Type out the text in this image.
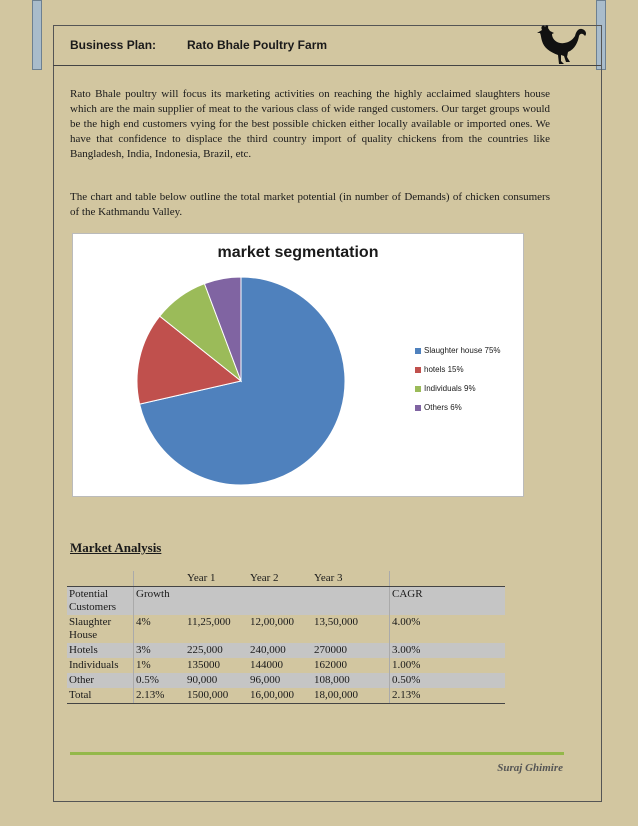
Business Plan:	Rato Bhale Poultry Farm
Rato Bhale poultry will focus its marketing activities on reaching the highly acclaimed slaughters house which are the main supplier of meat to the various class of wide ranged customers. Our target groups would be the high end customers vying for the best possible chicken either locally available or imported ones. We have that confidence to displace the third country import of quality chickens from the countries like Bangladesh, India, Indonesia, Brazil, etc.
The chart and table below outline the total market potential (in number of Demands) of chicken consumers of the Kathmandu Valley.
market segmentation
Slaughter house 75%
hotels 15%
Individuals 9%
Others 6%
Market Analysis
		Year 1	Year 2	Year 3	
Potential Customers	Growth				CAGR
Slaughter House	4%	11,25,000	12,00,000	13,50,000	4.00%
Hotels	3%	225,000	240,000	270000	3.00%
Individuals	1%	135000	144000	162000	1.00%
Other	0.5%	90,000	96,000	108,000	0.50%
Total	2.13%	1500,000	16,00,000	18,00,000	2.13%
Suraj Ghimire
